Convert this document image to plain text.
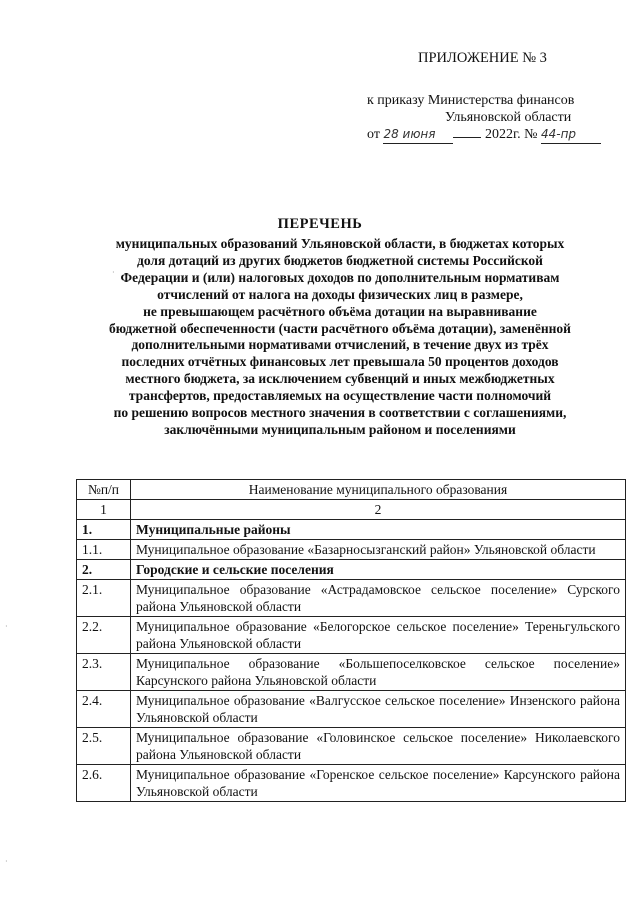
ПРИЛОЖЕНИЕ № 3
к приказу Министерства финансов
Ульяновской области
от 28 июня	2022г. № 44-пр
ПЕРЕЧЕНЬ
муниципальных образований Ульяновской области, в бюджетах которых
доля дотаций из других бюджетов бюджетной системы Российской
Федерации и (или) налоговых доходов по дополнительным нормативам
отчислений от налога на доходы физических лиц в размере,
не превышающем расчётного объёма дотации на выравнивание
бюджетной обеспеченности (части расчётного объёма дотации), заменённой
дополнительными нормативами отчислений, в течение двух из трёх
последних отчётных финансовых лет превышала 50 процентов доходов
местного бюджета, за исключением субвенций и иных межбюджетных
трансфертов, предоставляемых на осуществление части полномочий
по решению вопросов местного значения в соответствии с соглашениями,
заключёнными муниципальным районом и поселениями
№п/п	Наименование муниципального образования
1	2
1.	Муниципальные районы
1.1.	Муниципальное образование «Базарносызганский район» Ульяновской области
2.	Городские и сельские поселения
2.1.	Муниципальное образование «Астрадамовское сельское поселение» Сурского района Ульяновской области
2.2.	Муниципальное образование «Белогорское сельское поселение» Тереньгульского района Ульяновской области
2.3.	Муниципальное образование «Большепоселковское сельское поселение» Карсунского района Ульяновской области
2.4.	Муниципальное образование «Валгусское сельское поселение» Инзенского района Ульяновской области
2.5.	Муниципальное образование «Головинское сельское поселение» Николаевского района Ульяновской области
2.6.	Муниципальное образование «Горенское сельское поселение» Карсунского района Ульяновской области
·
·
·
